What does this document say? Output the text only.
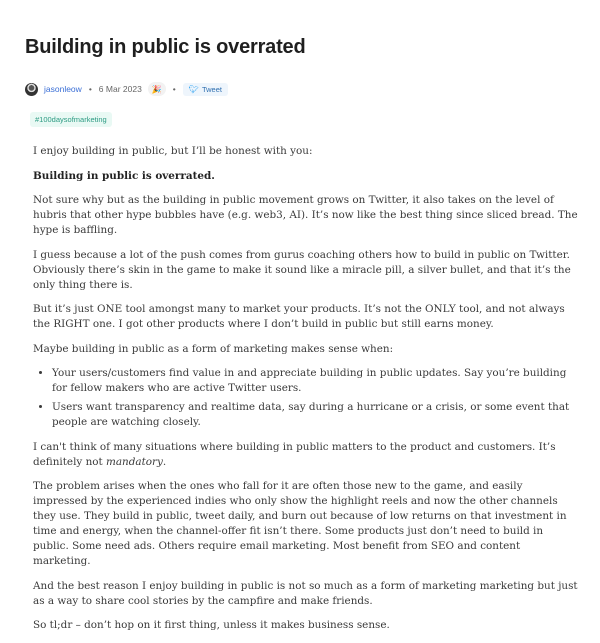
Building in public is overrated
jasonleow • 6 Mar 2023 🎉 • 🐦︎ Tweet
#100daysofmarketing

I enjoy building in public, but I’ll be honest with you:

Building in public is overrated.

Not sure why but as the building in public movement grows on Twitter, it also takes on the level of hubris that other hype bubbles have (e.g. web3, AI). It’s now like the best thing since sliced bread. The hype is baffling.

I guess because a lot of the push comes from gurus coaching others how to build in public on Twitter. Obviously there’s skin in the game to make it sound like a miracle pill, a silver bullet, and that it’s the only thing there is.

But it’s just ONE tool amongst many to market your products. It’s not the ONLY tool, and not always the RIGHT one. I got other products where I don’t build in public but still earns money.

Maybe building in public as a form of marketing makes sense when:

• Your users/customers find value in and appreciate building in public updates. Say you’re building for fellow makers who are active Twitter users.
• Users want transparency and realtime data, say during a hurricane or a crisis, or some event that people are watching closely.

I can't think of many situations where building in public matters to the product and customers. It’s definitely not mandatory.

The problem arises when the ones who fall for it are often those new to the game, and easily impressed by the experienced indies who only show the highlight reels and now the other channels they use. They build in public, tweet daily, and burn out because of low returns on that investment in time and energy, when the channel-offer fit isn’t there. Some products just don’t need to build in public. Some need ads. Others require email marketing. Most benefit from SEO and content marketing.

And the best reason I enjoy building in public is not so much as a form of marketing marketing but just as a way to share cool stories by the campfire and make friends.

So tl;dr – don’t hop on it first thing, unless it makes business sense.
